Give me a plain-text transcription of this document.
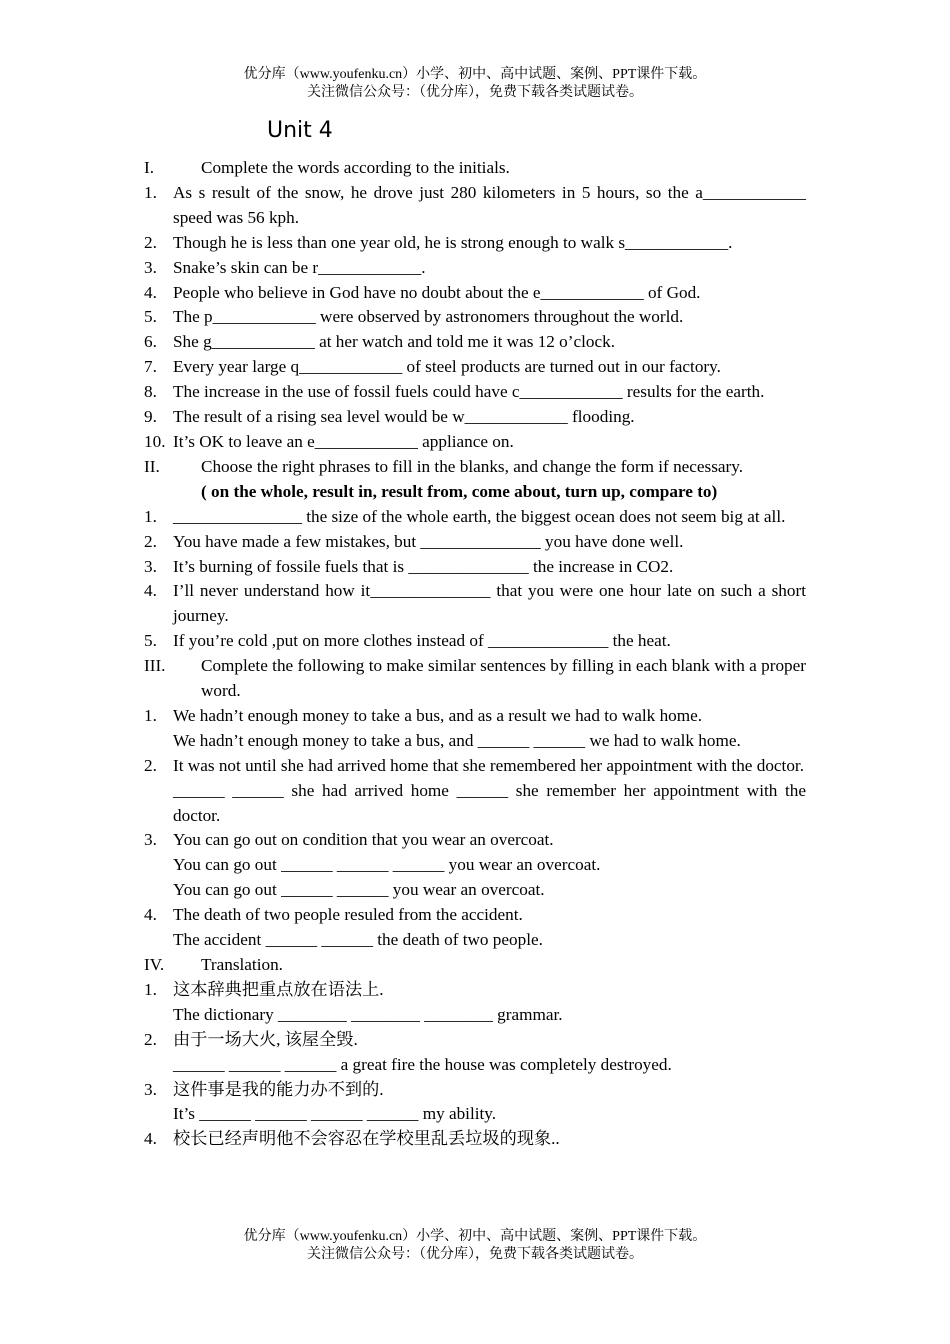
优分库（www.youfenku.cn）小学、初中、高中试题、案例、PPT课件下载。
关注微信公众号：（优分库），免费下载各类试题试卷。
Unit 4
I.	Complete the words according to the initials.
1. As s result of the snow, he drove just 280 kilometers in 5 hours, so the a____________ speed was 56 kph.
2. Though he is less than one year old, he is strong enough to walk s____________.
3. Snake’s skin can be r____________.
4. People who believe in God have no doubt about the e____________ of God.
5. The p____________ were observed by astronomers throughout the world.
6. She g____________ at her watch and told me it was 12 o’clock.
7. Every year large q____________ of steel products are turned out in our factory.
8. The increase in the use of fossil fuels could have c____________ results for the earth.
9. The result of a rising sea level would be w____________ flooding.
10. It’s OK to leave an e____________ appliance on.
II.	Choose the right phrases to fill in the blanks, and change the form if necessary.
( on the whole, result in, result from, come about, turn up, compare to)
1. _______________ the size of the whole earth, the biggest ocean does not seem big at all.
2. You have made a few mistakes, but ______________ you have done well.
3. It’s burning of fossile fuels that is ______________ the increase in CO2.
4. I’ll never understand how it______________ that you were one hour late on such a short journey.
5. If you’re cold ,put on more clothes instead of ______________ the heat.
III.	Complete the following to make similar sentences by filling in each blank with a proper word.
1. We hadn’t enough money to take a bus, and as a result we had to walk home.
We hadn’t enough money to take a bus, and ______ ______ we had to walk home.
2. It was not until she had arrived home that she remembered her appointment with the doctor.
______ ______ she had arrived home ______ she remember her appointment with the doctor.
3. You can go out on condition that you wear an overcoat.
You can go out ______ ______ ______ you wear an overcoat.
You can go out ______ ______ you wear an overcoat.
4. The death of two people resuled from the accident.
The accident ______ ______ the death of two people.
IV.	Translation.
1. 这本辞典把重点放在语法上.
The dictionary ________ ________ ________ grammar.
2. 由于一场大火, 该屋全毁.
______ ______ ______ a great fire the house was completely destroyed.
3. 这件事是我的能力办不到的.
It’s ______ ______ ______ ______ my ability.
4. 校长已经声明他不会容忍在学校里乱丢垃圾的现象..
优分库（www.youfenku.cn）小学、初中、高中试题、案例、PPT课件下载。
关注微信公众号：（优分库），免费下载各类试题试卷。
